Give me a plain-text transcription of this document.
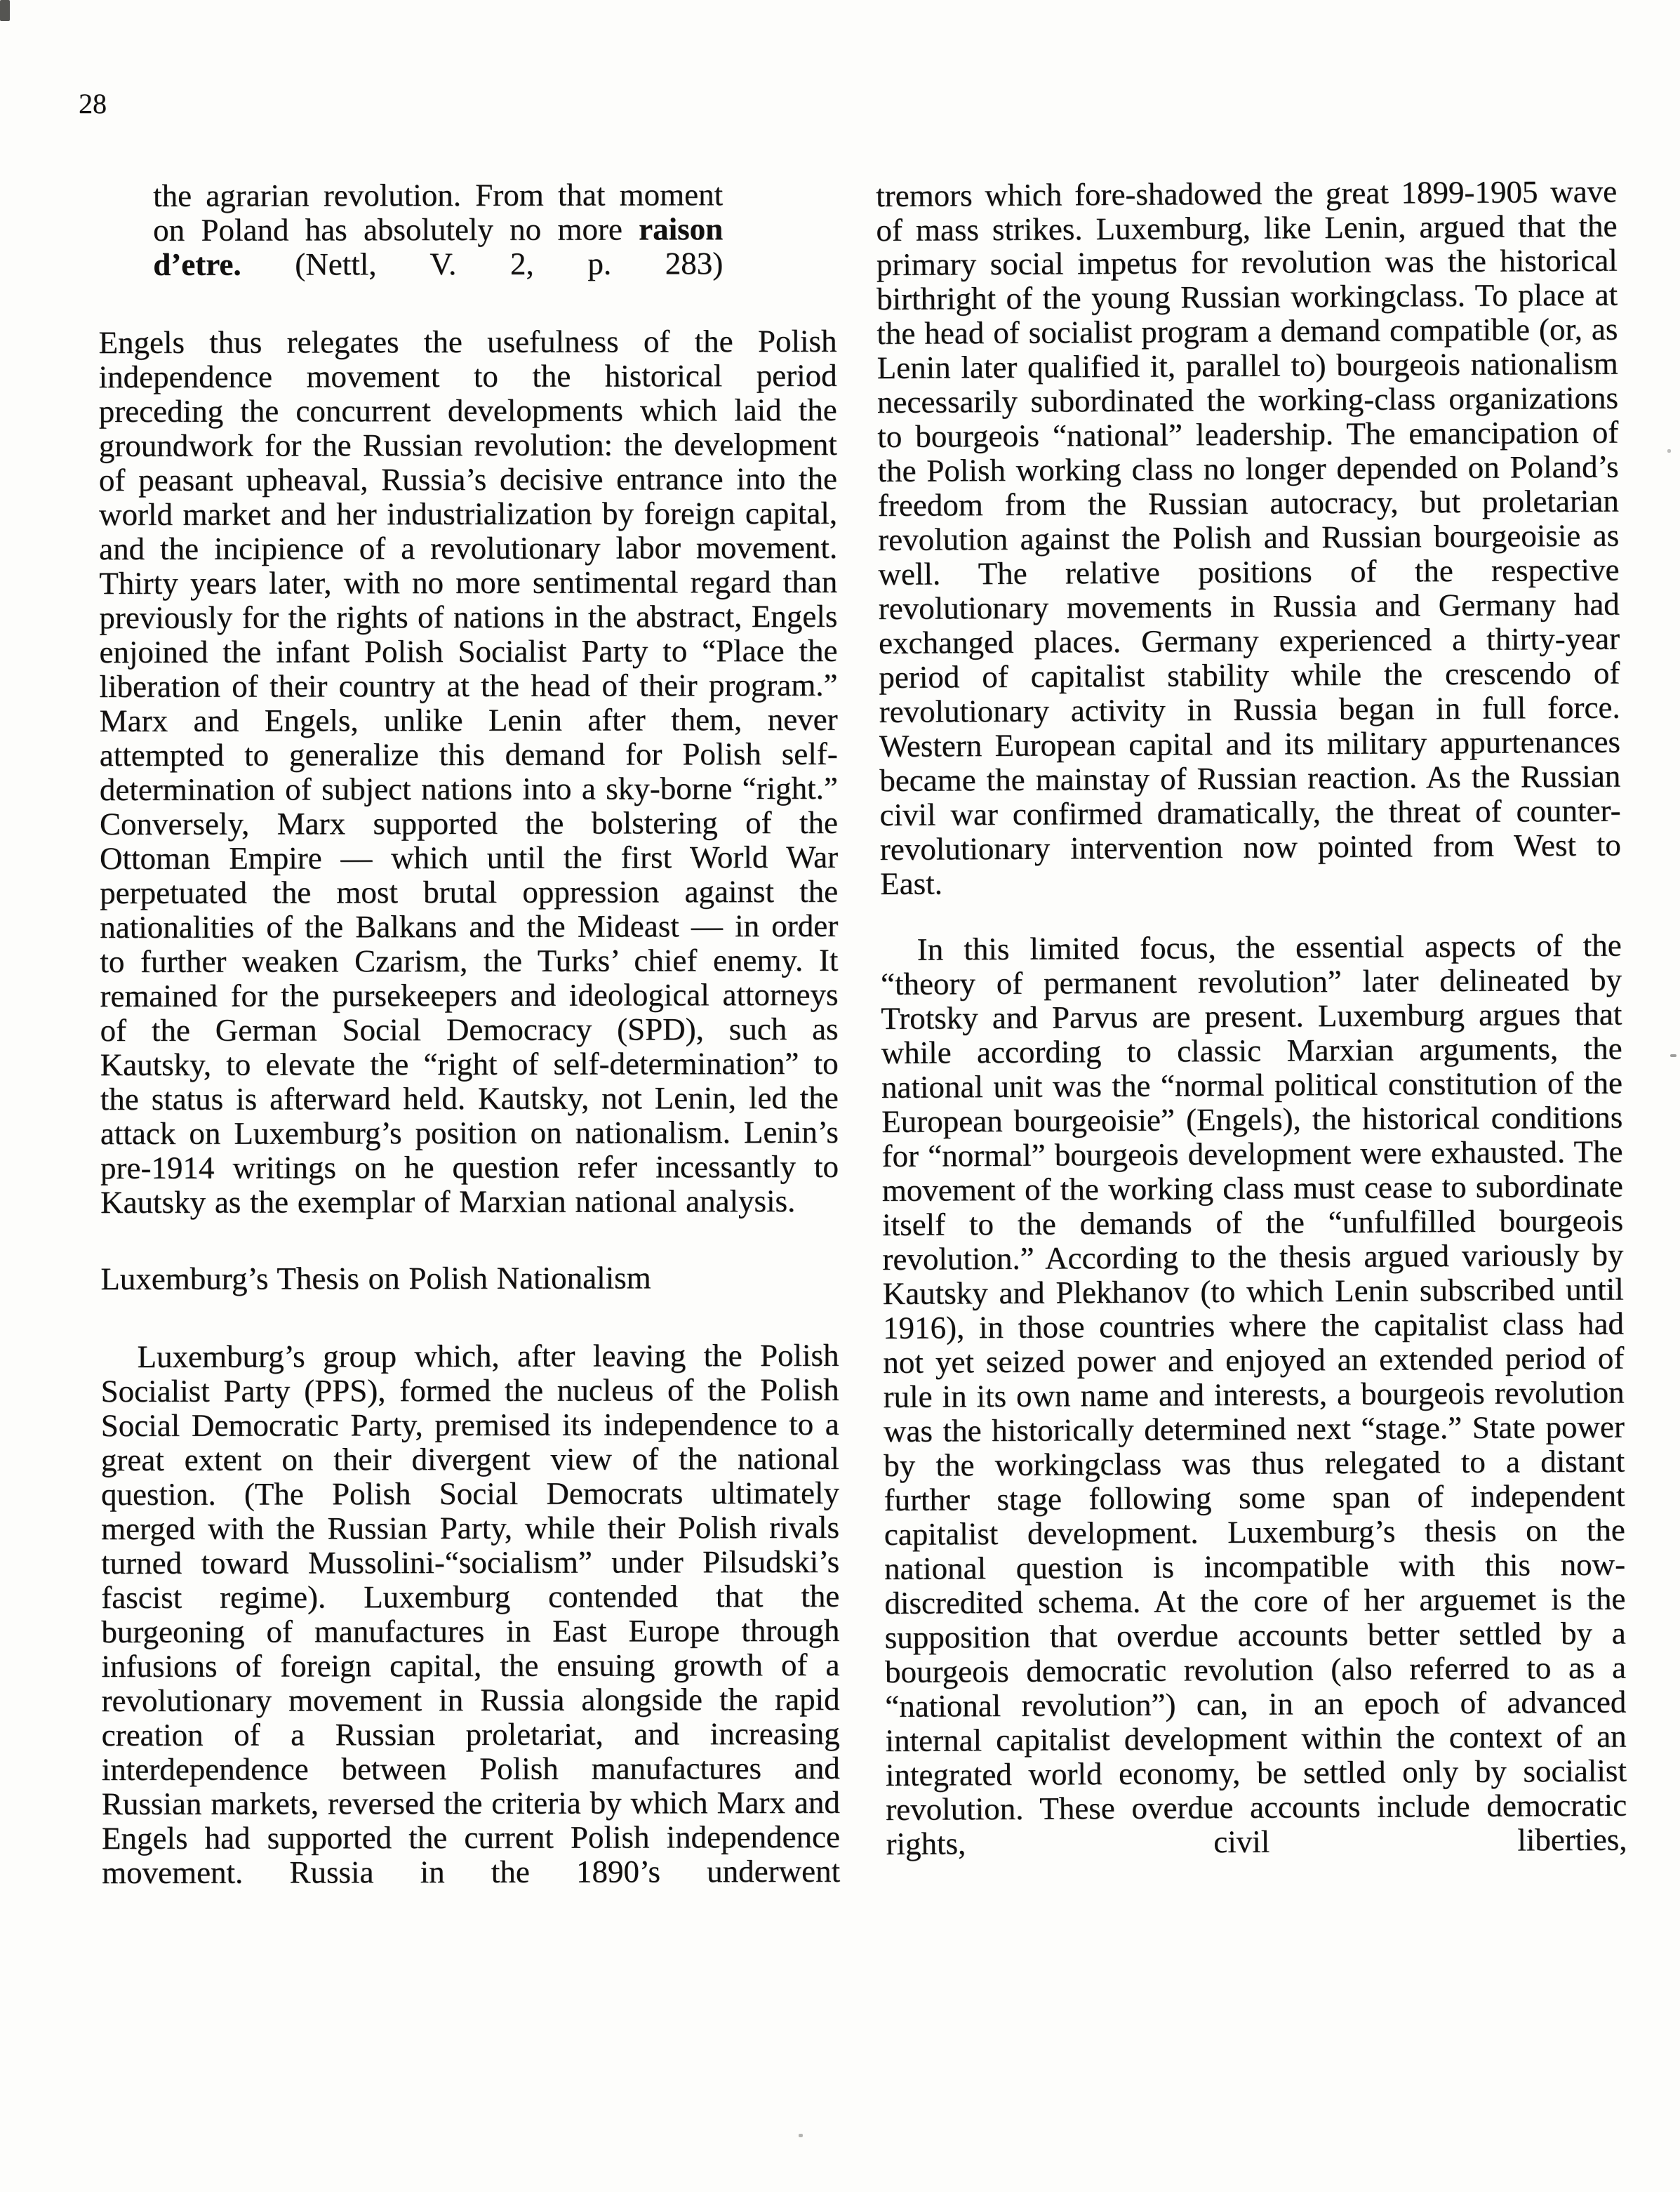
28
the agrarian revolution. From that moment on Poland has absolutely no more raison d’etre. (Nettl, V. 2, p. 283)

Engels thus relegates the usefulness of the Polish independence movement to the historical period preceding the concurrent developments which laid the groundwork for the Russian revolution: the development of peasant upheaval, Russia’s decisive entrance into the world market and her industrialization by foreign capital, and the incipience of a revolutionary labor movement. Thirty years later, with no more sentimental regard than previously for the rights of nations in the abstract, Engels enjoined the infant Polish Socialist Party to “Place the liberation of their country at the head of their program.” Marx and Engels, unlike Lenin after them, never attempted to generalize this demand for Polish self-determination of subject nations into a sky-borne “right.” Conversely, Marx supported the bolstering of the Ottoman Empire — which until the first World War perpetuated the most brutal oppression against the nationalities of the Balkans and the Mideast — in order to further weaken Czarism, the Turks’ chief enemy. It remained for the pursekeepers and ideological attorneys of the German Social Democracy (SPD), such as Kautsky, to elevate the “right of self-determination” to the status is afterward held. Kautsky, not Lenin, led the attack on Luxemburg’s position on nationalism. Lenin’s pre-1914 writings on he question refer incessantly to Kautsky as the exemplar of Marxian national analysis.

Luxemburg’s Thesis on Polish Nationalism

Luxemburg’s group which, after leaving the Polish Socialist Party (PPS), formed the nucleus of the Polish Social Democratic Party, premised its independence to a great extent on their divergent view of the national question. (The Polish Social Democrats ultimately merged with the Russian Party, while their Polish rivals turned toward Mussolini-“socialism” under Pilsudski’s fascist regime). Luxemburg contended that the burgeoning of manufactures in East Europe through infusions of foreign capital, the ensuing growth of a revolutionary movement in Russia alongside the rapid creation of a Russian proletariat, and increasing interdependence between Polish manufactures and Russian markets, reversed the criteria by which Marx and Engels had supported the current Polish independence movement. Russia in the 1890’s underwent

tremors which fore-shadowed the great 1899-1905 wave of mass strikes. Luxemburg, like Lenin, argued that the primary social impetus for revolution was the historical birthright of the young Russian workingclass. To place at the head of socialist program a demand compatible (or, as Lenin later qualified it, parallel to) bourgeois nationalism necessarily subordinated the working-class organizations to bourgeois “national” leadership. The emancipation of the Polish working class no longer depended on Poland’s freedom from the Russian autocracy, but proletarian revolution against the Polish and Russian bourgeoisie as well. The relative positions of the respective revolutionary movements in Russia and Germany had exchanged places. Germany experienced a thirty-year period of capitalist stability while the crescendo of revolutionary activity in Russia began in full force. Western European capital and its military appurtenances became the mainstay of Russian reaction. As the Russian civil war confirmed dramatically, the threat of counter-revolutionary intervention now pointed from West to East.

In this limited focus, the essential aspects of the “theory of permanent revolution” later delineated by Trotsky and Parvus are present. Luxemburg argues that while according to classic Marxian arguments, the national unit was the “normal political constitution of the European bourgeoisie” (Engels), the historical conditions for “normal” bourgeois development were exhausted. The movement of the working class must cease to subordinate itself to the demands of the “unfulfilled bourgeois revolution.” According to the thesis argued variously by Kautsky and Plekhanov (to which Lenin subscribed until 1916), in those countries where the capitalist class had not yet seized power and enjoyed an extended period of rule in its own name and interests, a bourgeois revolution was the historically determined next “stage.” State power by the workingclass was thus relegated to a distant further stage following some span of independent capitalist development. Luxemburg’s thesis on the national question is incompatible with this now-discredited schema. At the core of her arguemet is the supposition that overdue accounts better settled by a bourgeois democratic revolution (also referred to as a “national revolution”) can, in an epoch of advanced internal capitalist development within the context of an integrated world economy, be settled only by socialist revolution. These overdue accounts include democratic rights, civil liberties,
